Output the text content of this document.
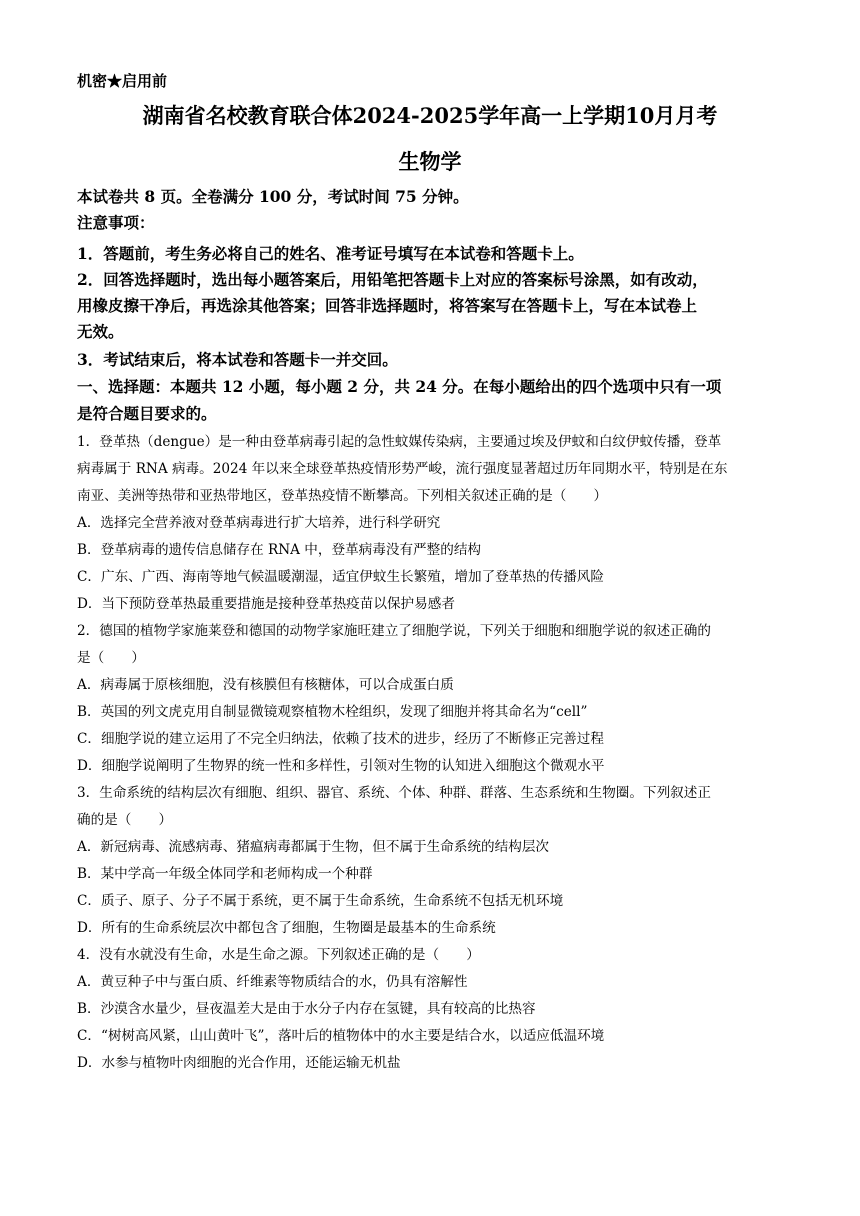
机密★启用前
湖南省名校教育联合体2024-2025学年高一上学期10月月考
生物学
本试卷共 8 页。全卷满分 100 分，考试时间 75 分钟。
注意事项：
1．答题前，考生务必将自己的姓名、准考证号填写在本试卷和答题卡上。
2．回答选择题时，选出每小题答案后，用铅笔把答题卡上对应的答案标号涂黑，如有改动，
用橡皮擦干净后，再选涂其他答案；回答非选择题时，将答案写在答题卡上，写在本试卷上
无效。
3．考试结束后，将本试卷和答题卡一并交回。
一、选择题：本题共 12 小题，每小题 2 分，共 24 分。在每小题给出的四个选项中只有一项
是符合题目要求的。
1．登革热（dengue）是一种由登革病毒引起的急性蚊媒传染病，主要通过埃及伊蚊和白纹伊蚊传播，登革
病毒属于 RNA 病毒。2024 年以来全球登革热疫情形势严峻，流行强度显著超过历年同期水平，特别是在东
南亚、美洲等热带和亚热带地区，登革热疫情不断攀高。下列相关叙述正确的是（　　）
A．选择完全营养液对登革病毒进行扩大培养，进行科学研究
B．登革病毒的遗传信息储存在 RNA 中，登革病毒没有严整的结构
C．广东、广西、海南等地气候温暖潮湿，适宜伊蚊生长繁殖，增加了登革热的传播风险
D．当下预防登革热最重要措施是接种登革热疫苗以保护易感者
2．德国的植物学家施莱登和德国的动物学家施旺建立了细胞学说，下列关于细胞和细胞学说的叙述正确的
是（　　）
A．病毒属于原核细胞，没有核膜但有核糖体，可以合成蛋白质
B．英国的列文虎克用自制显微镜观察植物木栓组织，发现了细胞并将其命名为“cell”
C．细胞学说的建立运用了不完全归纳法，依赖了技术的进步，经历了不断修正完善过程
D．细胞学说阐明了生物界的统一性和多样性，引领对生物的认知进入细胞这个微观水平
3．生命系统的结构层次有细胞、组织、器官、系统、个体、种群、群落、生态系统和生物圈。下列叙述正
确的是（　　）
A．新冠病毒、流感病毒、猪瘟病毒都属于生物，但不属于生命系统的结构层次
B．某中学高一年级全体同学和老师构成一个种群
C．质子、原子、分子不属于系统，更不属于生命系统，生命系统不包括无机环境
D．所有的生命系统层次中都包含了细胞，生物圈是最基本的生命系统
4．没有水就没有生命，水是生命之源。下列叙述正确的是（　　）
A．黄豆种子中与蛋白质、纤维素等物质结合的水，仍具有溶解性
B．沙漠含水量少，昼夜温差大是由于水分子内存在氢键，具有较高的比热容
C．“树树高风紧，山山黄叶飞”，落叶后的植物体中的水主要是结合水，以适应低温环境
D．水参与植物叶肉细胞的光合作用，还能运输无机盐
